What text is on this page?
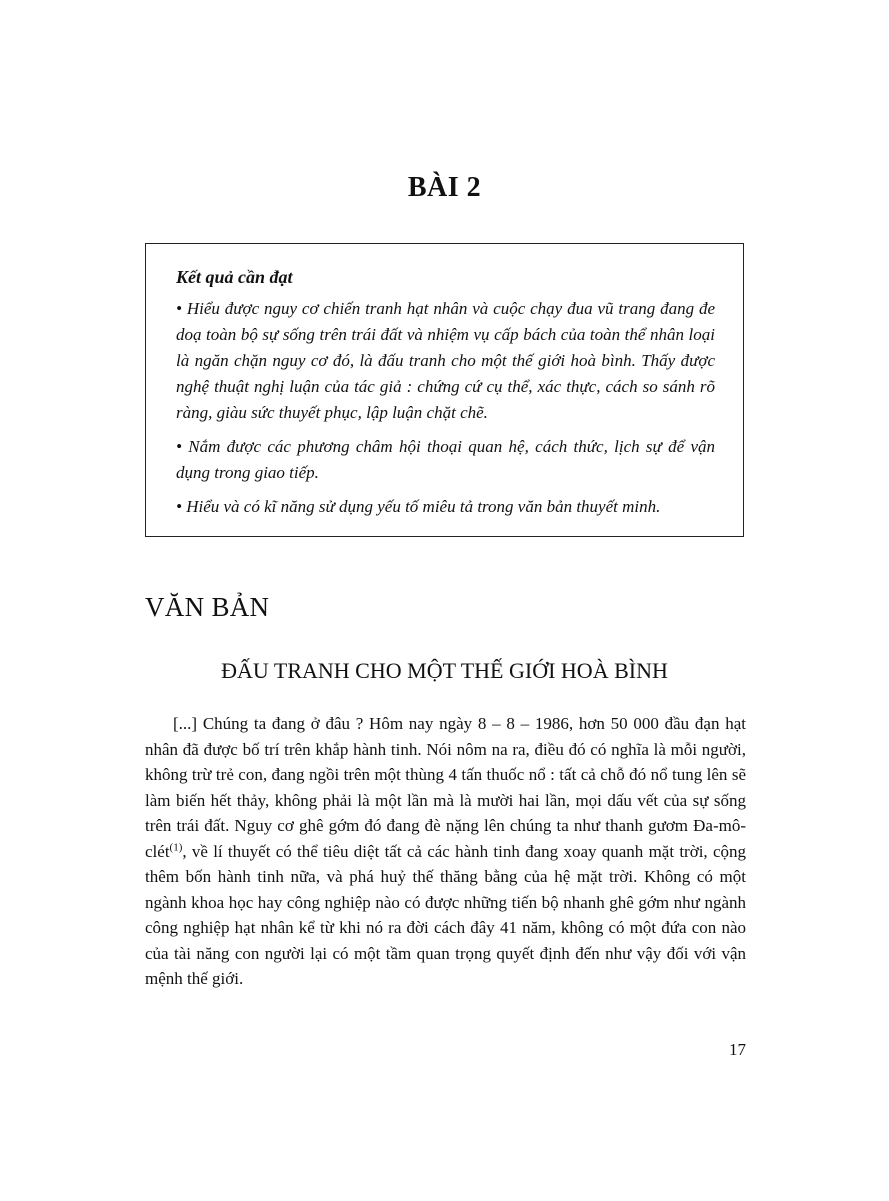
BÀI 2
Kết quả cần đạt

• Hiểu được nguy cơ chiến tranh hạt nhân và cuộc chạy đua vũ trang đang đe doạ toàn bộ sự sống trên trái đất và nhiệm vụ cấp bách của toàn thể nhân loại là ngăn chặn nguy cơ đó, là đấu tranh cho một thế giới hoà bình. Thấy được nghệ thuật nghị luận của tác giả : chứng cứ cụ thể, xác thực, cách so sánh rõ ràng, giàu sức thuyết phục, lập luận chặt chẽ.

• Nắm được các phương châm hội thoại quan hệ, cách thức, lịch sự để vận dụng trong giao tiếp.

• Hiểu và có kĩ năng sử dụng yếu tố miêu tả trong văn bản thuyết minh.

VĂN BẢN
ĐẤU TRANH CHO MỘT THẾ GIỚI HOÀ BÌNH

[...] Chúng ta đang ở đâu ? Hôm nay ngày 8 – 8 – 1986, hơn 50 000 đầu đạn hạt nhân đã được bố trí trên khắp hành tinh. Nói nôm na ra, điều đó có nghĩa là mỗi người, không trừ trẻ con, đang ngồi trên một thùng 4 tấn thuốc nổ : tất cả chỗ đó nổ tung lên sẽ làm biến hết thảy, không phải là một lần mà là mười hai lần, mọi dấu vết của sự sống trên trái đất. Nguy cơ ghê gớm đó đang đè nặng lên chúng ta như thanh gươm Đa-mô-clét$^{(1)}$, về lí thuyết có thể tiêu diệt tất cả các hành tinh đang xoay quanh mặt trời, cộng thêm bốn hành tinh nữa, và phá huỷ thế thăng bằng của hệ mặt trời. Không có một ngành khoa học hay công nghiệp nào có được những tiến bộ nhanh ghê gớm như ngành công nghiệp hạt nhân kể từ khi nó ra đời cách đây 41 năm, không có một đứa con nào của tài năng con người lại có một tầm quan trọng quyết định đến như vậy đối với vận mệnh thế giới.

17
